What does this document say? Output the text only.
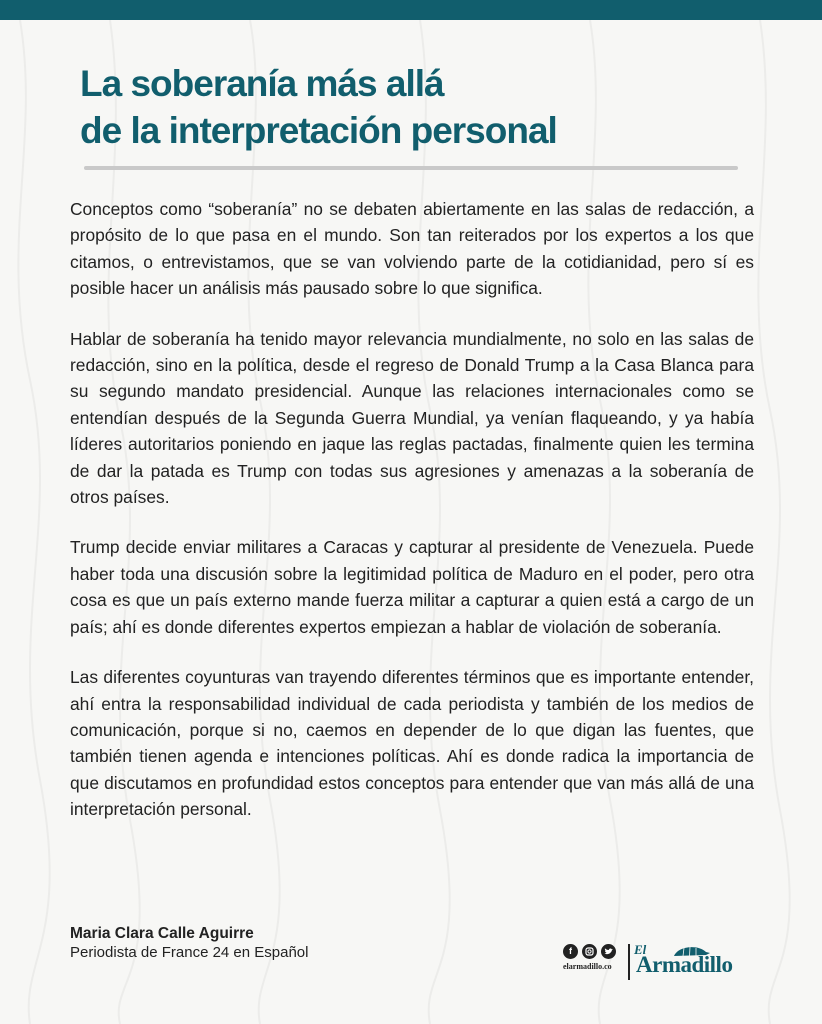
La soberanía más allá
de la interpretación personal

Conceptos como “soberanía” no se debaten abiertamente en las salas de redacción, a propósito de lo que pasa en el mundo. Son tan reiterados por los expertos a los que citamos, o entrevistamos, que se van volviendo parte de la cotidianidad, pero sí es posible hacer un análisis más pausado sobre lo que significa.

Hablar de soberanía ha tenido mayor relevancia mundialmente, no solo en las salas de redacción, sino en la política, desde el regreso de Donald Trump a la Casa Blanca para su segundo mandato presidencial. Aunque las relaciones internacionales como se entendían después de la Segunda Guerra Mundial, ya venían flaqueando, y ya había líderes autoritarios poniendo en jaque las reglas pactadas, finalmente quien les termina de dar la patada es Trump con todas sus agresiones y amenazas a la soberanía de otros países.

Trump decide enviar militares a Caracas y capturar al presidente de Venezuela. Puede haber toda una discusión sobre la legitimidad política de Maduro en el poder, pero otra cosa es que un país externo mande fuerza militar a capturar a quien está a cargo de un país; ahí es donde diferentes expertos empiezan a hablar de violación de soberanía.

Las diferentes coyunturas van trayendo diferentes términos que es importante entender, ahí entra la responsabilidad individual de cada periodista y también de los medios de comunicación, porque si no, caemos en depender de lo que digan las fuentes, que también tienen agenda e intenciones políticas. Ahí es donde radica la importancia de que discutamos en profundidad estos conceptos para entender que van más allá de una interpretación personal.

Maria Clara Calle Aguirre
Periodista de France 24 en Español	f
elarmadillo.co
El
Armadillo
